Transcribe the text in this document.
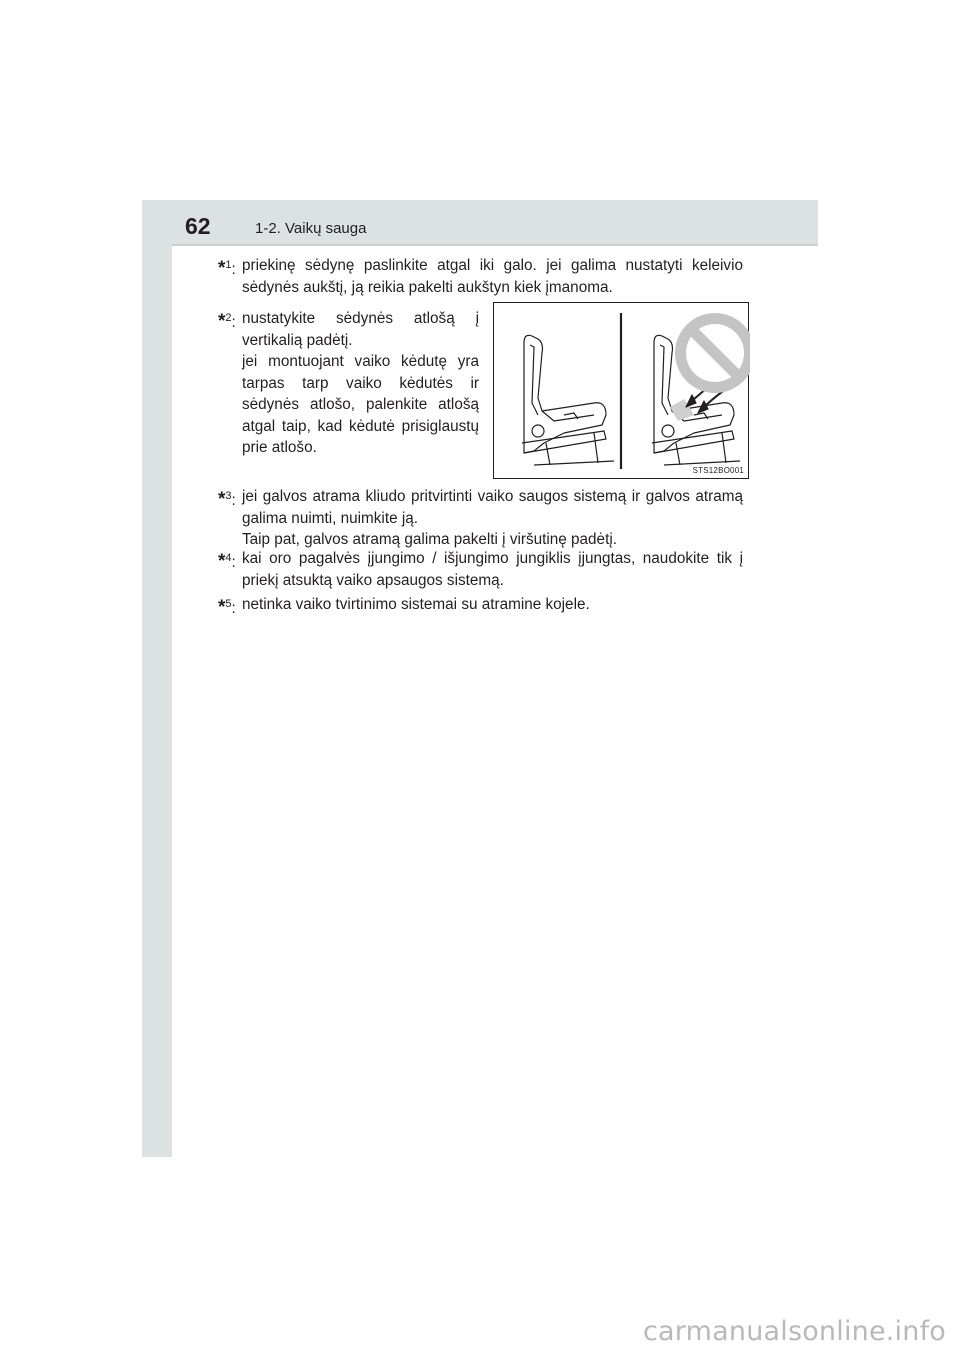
62	1-2. Vaikų sauga
*$^1$: priekinę sėdynę paslinkite atgal iki galo. jei galima nustatyti keleivio sėdynės aukštį, ją reikia pakelti aukštyn kiek įmanoma.

*$^2$: nustatykite sėdynės atlošą į vertikalią padėtį.

jei montuojant vaiko kėdutę yra tarpas tarp vaiko kėdutės ir sėdynės atlošo, palenkite atlošą atgal taip, kad kėdutė prisiglaustų prie atlošo.

STS12BO001
*$^3$: jei galvos atrama kliudo pritvirtinti vaiko saugos sistemą ir galvos atramą galima nuimti, nuimkite ją.

Taip pat, galvos atramą galima pakelti į viršutinę padėtį.

*$^4$: kai oro pagalvės įjungimo / išjungimo jungiklis įjungtas, naudokite tik į priekį atsuktą vaiko apsaugos sistemą.

*$^5$: netinka vaiko tvirtinimo sistemai su atramine kojele.

carmanualsonline.info
